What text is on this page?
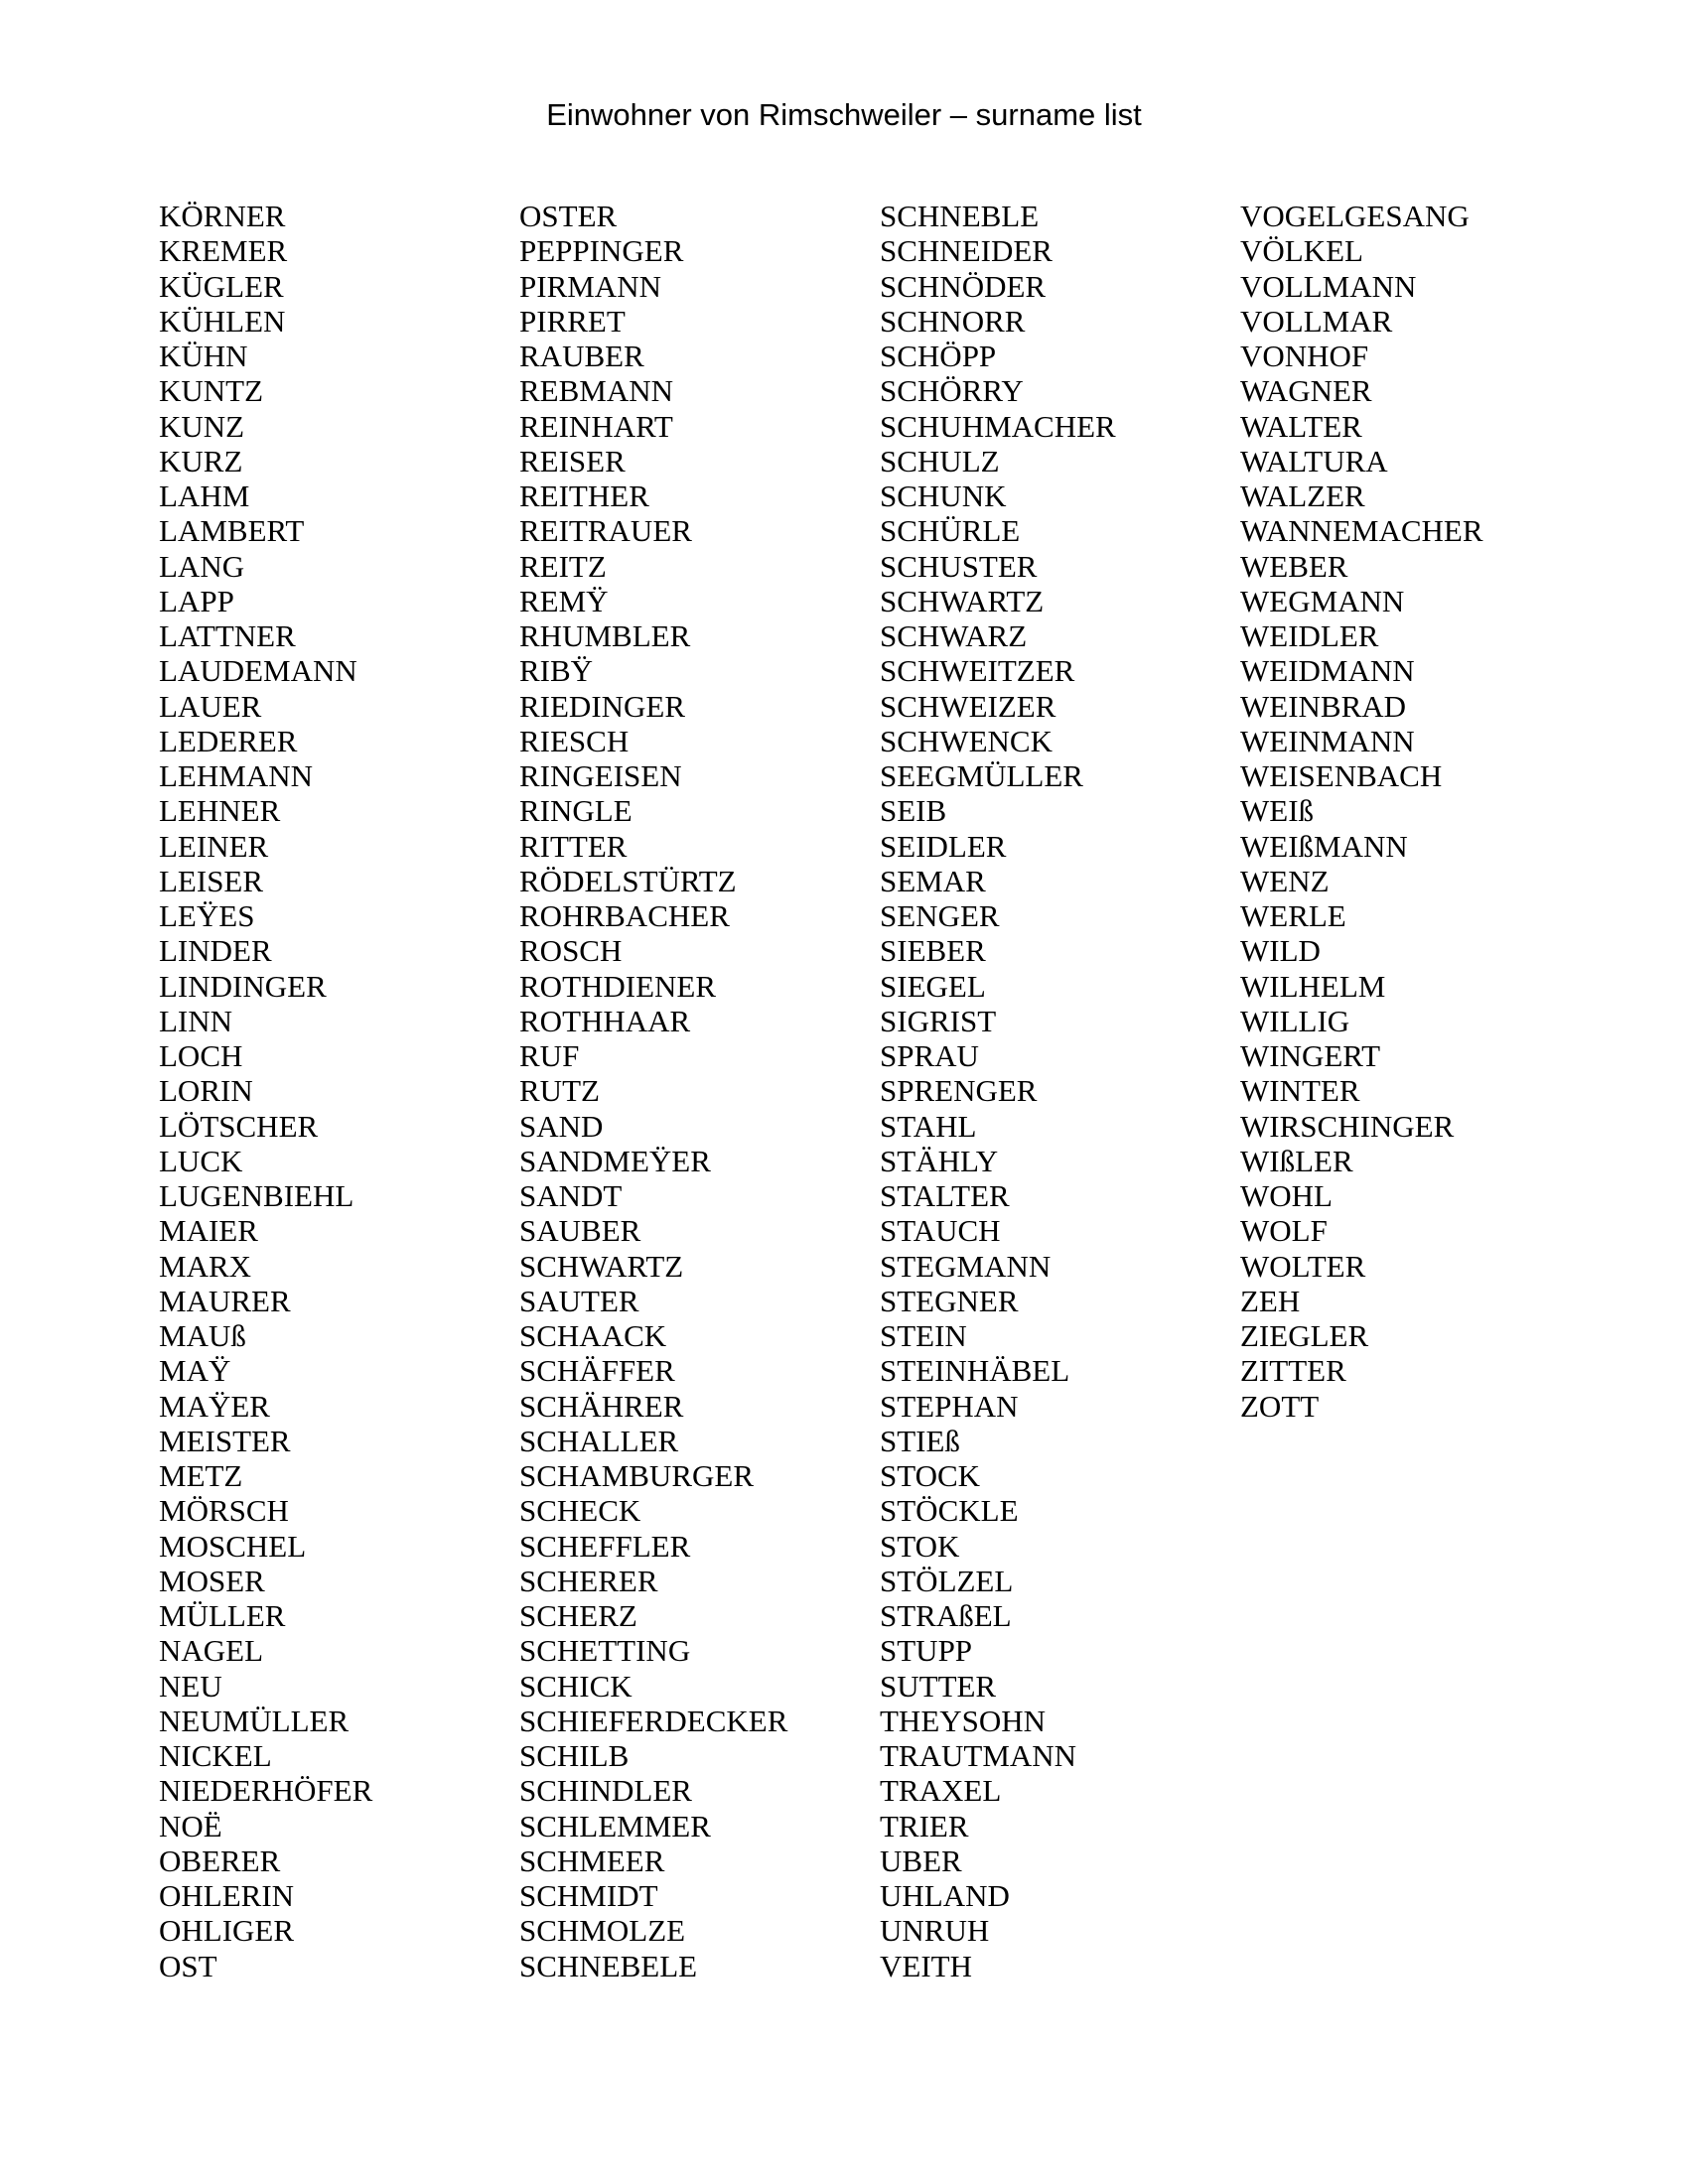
Einwohner von Rimschweiler – surname list
KÖRNER
KREMER
KÜGLER
KÜHLEN
KÜHN
KUNTZ
KUNZ
KURZ
LAHM
LAMBERT
LANG
LAPP
LATTNER
LAUDEMANN
LAUER
LEDERER
LEHMANN
LEHNER
LEINER
LEISER
LEŸES
LINDER
LINDINGER
LINN
LOCH
LORIN
LÖTSCHER
LUCK
LUGENBIEHL
MAIER
MARX
MAURER
MAUß
MAŸ
MAŸER
MEISTER
METZ
MÖRSCH
MOSCHEL
MOSER
MÜLLER
NAGEL
NEU
NEUMÜLLER
NICKEL
NIEDERHÖFER
NOË
OBERER
OHLERIN
OHLIGER
OST
OSTER
PEPPINGER
PIRMANN
PIRRET
RAUBER
REBMANN
REINHART
REISER
REITHER
REITRAUER
REITZ
REMŸ
RHUMBLER
RIBŸ
RIEDINGER
RIESCH
RINGEISEN
RINGLE
RITTER
RÖDELSTÜRTZ
ROHRBACHER
ROSCH
ROTHDIENER
ROTHHAAR
RUF
RUTZ
SAND
SANDMEŸER
SANDT
SAUBER
SCHWARTZ
SAUTER
SCHAACK
SCHÄFFER
SCHÄHRER
SCHALLER
SCHAMBURGER
SCHECK
SCHEFFLER
SCHERER
SCHERZ
SCHETTING
SCHICK
SCHIEFERDECKER
SCHILB
SCHINDLER
SCHLEMMER
SCHMEER
SCHMIDT
SCHMOLZE
SCHNEBELE
SCHNEBLE
SCHNEIDER
SCHNÖDER
SCHNORR
SCHÖPP
SCHÖRRY
SCHUHMACHER
SCHULZ
SCHUNK
SCHÜRLE
SCHUSTER
SCHWARTZ
SCHWARZ
SCHWEITZER
SCHWEIZER
SCHWENCK
SEEGMÜLLER
SEIB
SEIDLER
SEMAR
SENGER
SIEBER
SIEGEL
SIGRIST
SPRAU
SPRENGER
STAHL
STÄHLY
STALTER
STAUCH
STEGMANN
STEGNER
STEIN
STEINHÄBEL
STEPHAN
STIEß
STOCK
STÖCKLE
STOK
STÖLZEL
STRAßEL
STUPP
SUTTER
THEYSOHN
TRAUTMANN
TRAXEL
TRIER
UBER
UHLAND
UNRUH
VEITH
VOGELGESANG
VÖLKEL
VOLLMANN
VOLLMAR
VONHOF
WAGNER
WALTER
WALTURA
WALZER
WANNEMACHER
WEBER
WEGMANN
WEIDLER
WEIDMANN
WEINBRAD
WEINMANN
WEISENBACH
WEIß
WEIßMANN
WENZ
WERLE
WILD
WILHELM
WILLIG
WINGERT
WINTER
WIRSCHINGER
WIßLER
WOHL
WOLF
WOLTER
ZEH
ZIEGLER
ZITTER
ZOTT
